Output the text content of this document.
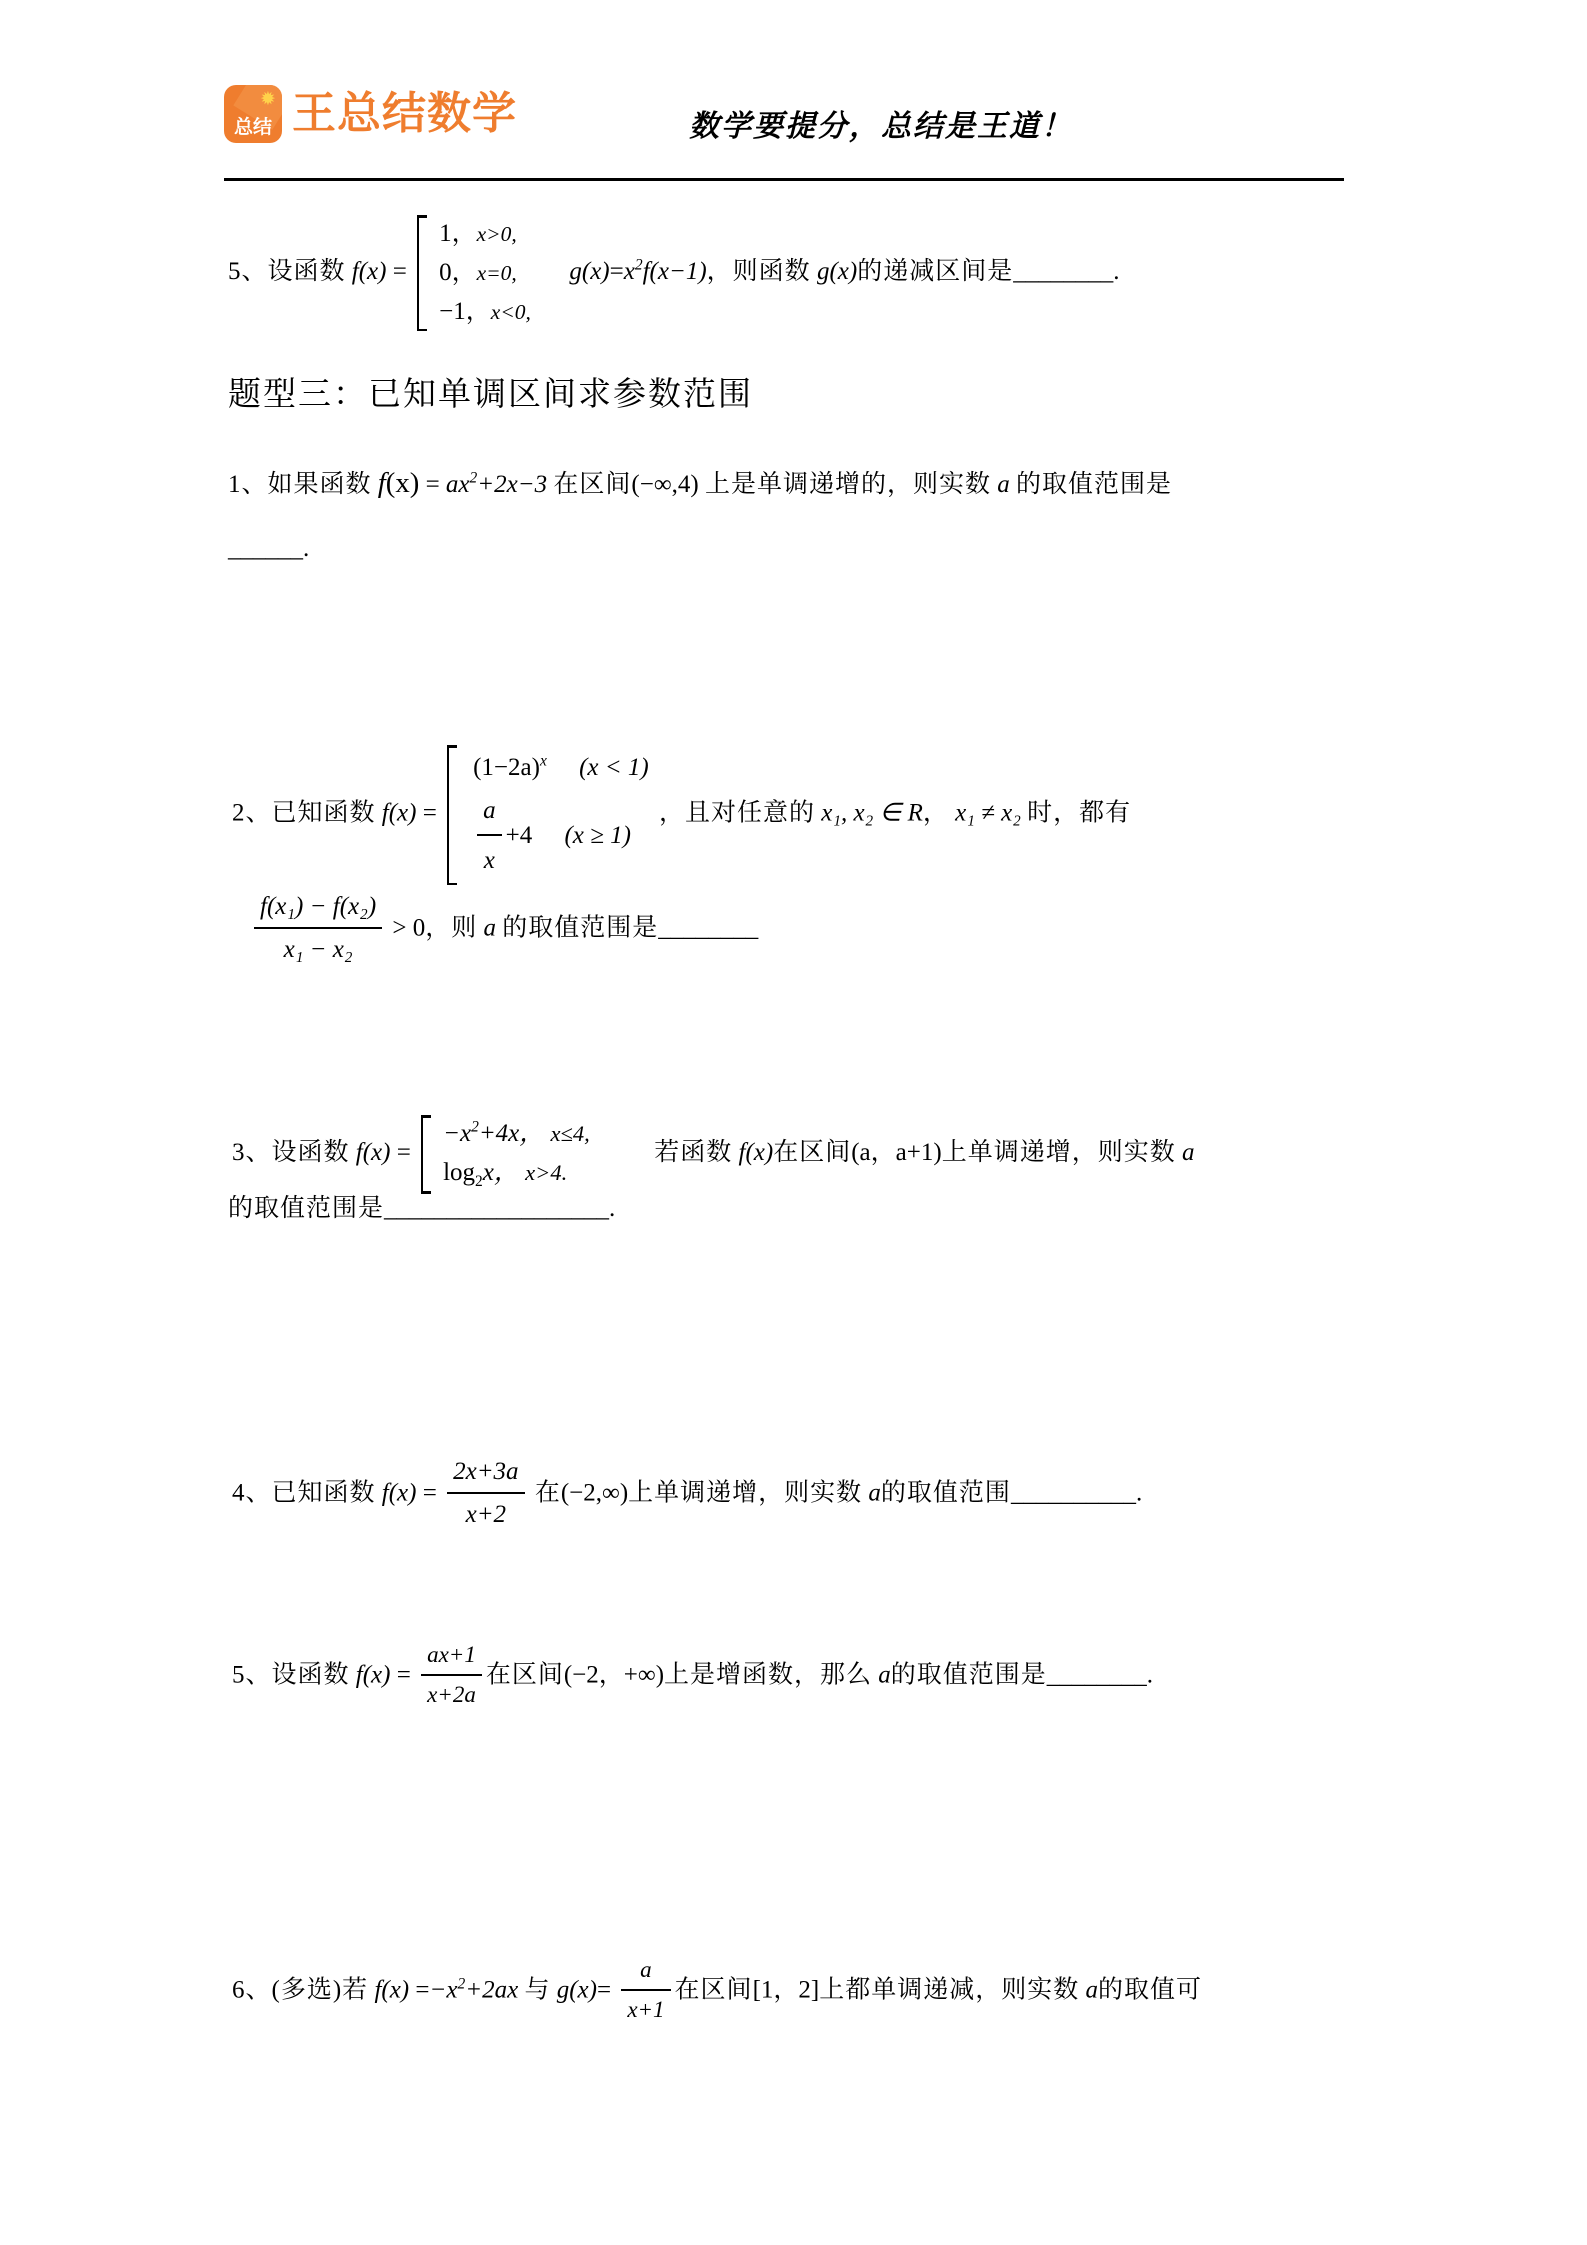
✹
总结 王总结数学	数学要提分，总结是王道！
5、设函数 f(x) =
1，x>0,
0，x=0,
−1，x<0,
$g(x)=x^2f(x-1)$，则函数 g(x)的递减区间是________.
题型三：已知单调区间求参数范围
1、如果函数 $f(x) = ax^2+2x-3$ 在区间(−∞,4) 上是单调递增的，则实数 a 的取值范围是
______.
2、已知函数 f(x) =
$(1-2a)^x$ (x < 1)
$\frac{a}{x} +4$ (x ≥ 1)
，且对任意的 x₁, x₂ ∈ R， x₁ ≠ x₂ 时，都有
$\frac{\text{f(x₁) − f(x₂)}}{\text{x₁ − x₂}} > 0$，则 a 的取值范围是________
3、设函数 f(x) =
$-x^2+4x$， x≤4,
$\log_2x$， x>4.
若函数 f(x)在区间(a，a+1)上单调递增，则实数 a
的取值范围是__________________.
4、已知函数 $f(x) = \frac{2x+3a}{x+2}$ 在(−2,∞)上单调递增，则实数 a的取值范围__________.
5、设函数 $f(x) = \frac{ax+1}{x+2a}$ 在区间(−2，+∞)上是增函数，那么 a的取值范围是________.
6、(多选)若 $f(x) =-x^2+2ax$ 与 $g(x)= \frac{a}{x+1}$ 在区间[1，2]上都单调递减，则实数 a的取值可
